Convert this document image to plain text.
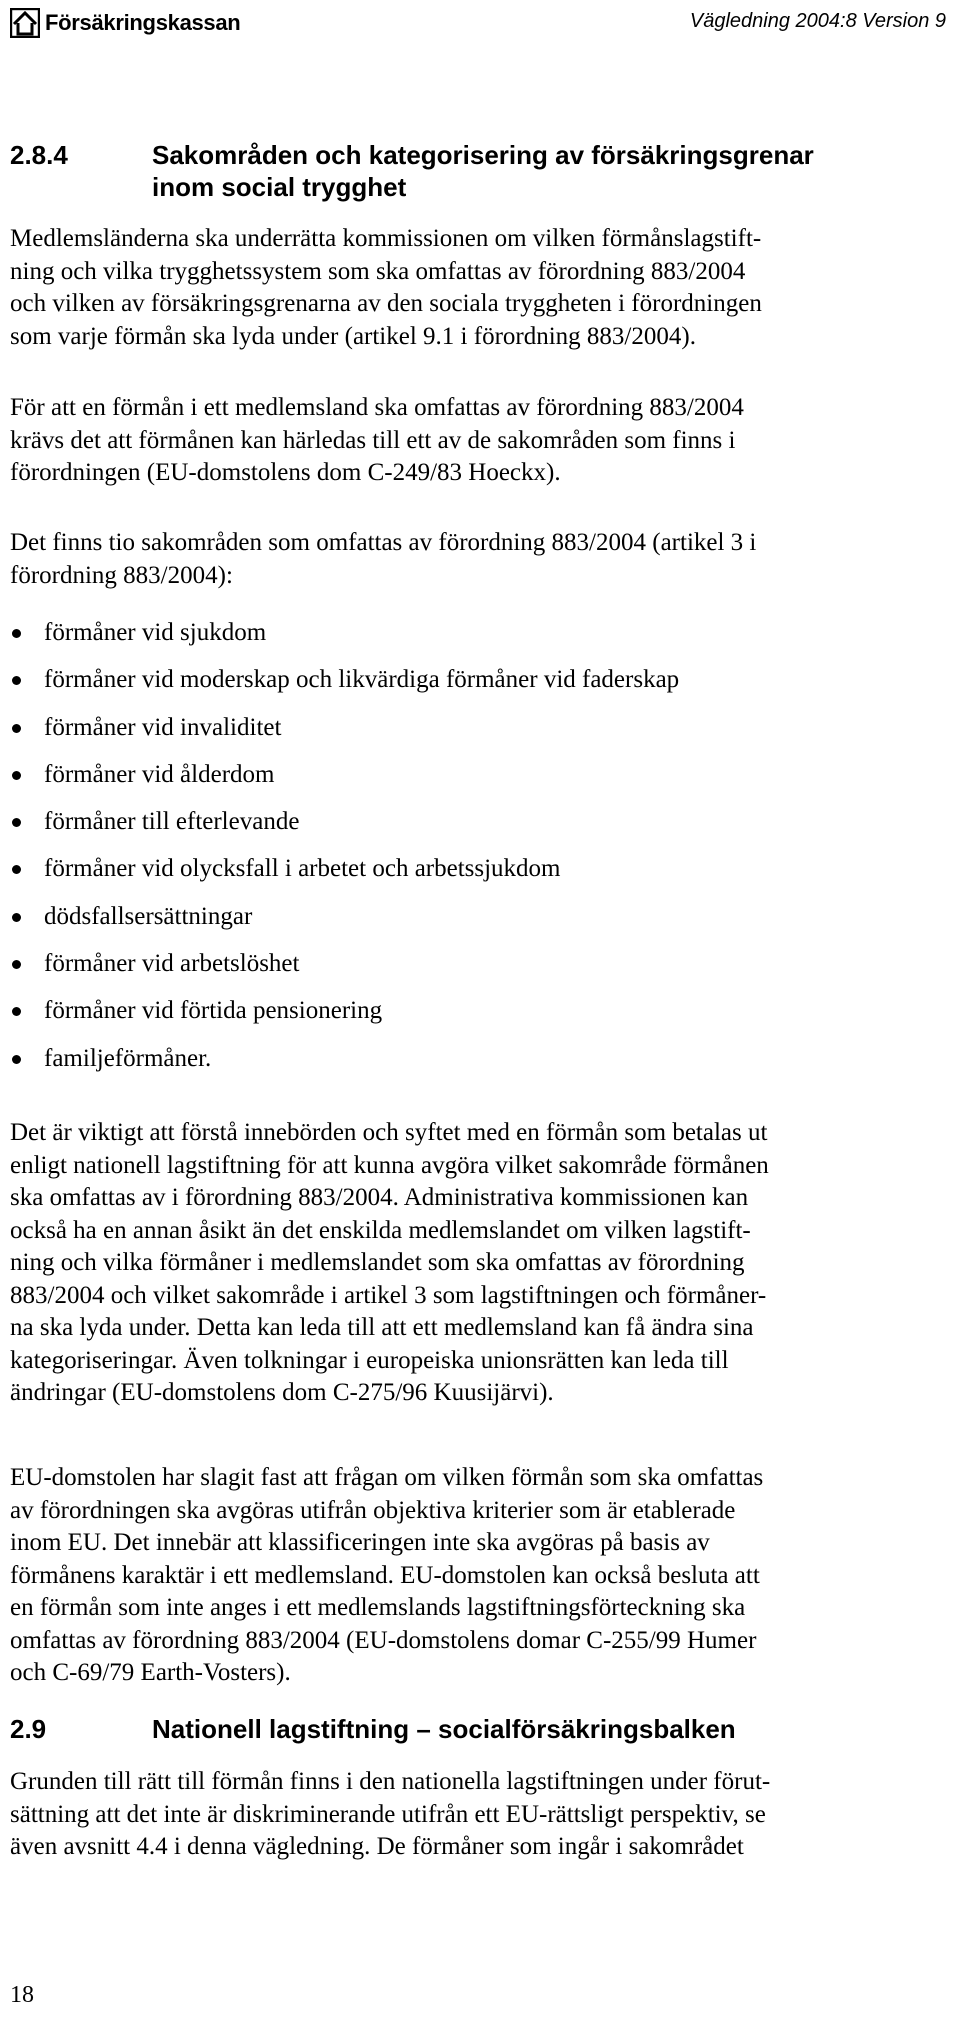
Försäkringskassan	Vägledning 2004:8 Version 9
2.8.4	Sakområden och kategorisering av försäkringsgrenar
inom social trygghet

Medlemsländerna ska underrätta kommissionen om vilken förmånslagstift-
ning och vilka trygghetssystem som ska omfattas av förordning 883/2004
och vilken av försäkringsgrenarna av den sociala tryggheten i förordningen
som varje förmån ska lyda under (artikel 9.1 i förordning 883/2004).

För att en förmån i ett medlemsland ska omfattas av förordning 883/2004
krävs det att förmånen kan härledas till ett av de sakområden som finns i
förordningen (EU-domstolens dom C-249/83 Hoeckx).

Det finns tio sakområden som omfattas av förordning 883/2004 (artikel 3 i
förordning 883/2004):

förmåner vid sjukdom
förmåner vid moderskap och likvärdiga förmåner vid faderskap
förmåner vid invaliditet
förmåner vid ålderdom
förmåner till efterlevande
förmåner vid olycksfall i arbetet och arbetssjukdom
dödsfallsersättningar
förmåner vid arbetslöshet
förmåner vid förtida pensionering
familjeförmåner.

Det är viktigt att förstå innebörden och syftet med en förmån som betalas ut
enligt nationell lagstiftning för att kunna avgöra vilket sakområde förmånen
ska omfattas av i förordning 883/2004. Administrativa kommissionen kan
också ha en annan åsikt än det enskilda medlemslandet om vilken lagstift-
ning och vilka förmåner i medlemslandet som ska omfattas av förordning
883/2004 och vilket sakområde i artikel 3 som lagstiftningen och förmåner-
na ska lyda under. Detta kan leda till att ett medlemsland kan få ändra sina
kategoriseringar. Även tolkningar i europeiska unionsrätten kan leda till
ändringar (EU-domstolens dom C-275/96 Kuusijärvi).

EU-domstolen har slagit fast att frågan om vilken förmån som ska omfattas
av förordningen ska avgöras utifrån objektiva kriterier som är etablerade
inom EU. Det innebär att klassificeringen inte ska avgöras på basis av
förmånens karaktär i ett medlemsland. EU-domstolen kan också besluta att
en förmån som inte anges i ett medlemslands lagstiftningsförteckning ska
omfattas av förordning 883/2004 (EU-domstolens domar C-255/99 Humer
och C-69/79 Earth-Vosters).

2.9	Nationell lagstiftning – socialförsäkringsbalken

Grunden till rätt till förmån finns i den nationella lagstiftningen under förut-
sättning att det inte är diskriminerande utifrån ett EU-rättsligt perspektiv, se
även avsnitt 4.4 i denna vägledning. De förmåner som ingår i sakområdet

18
